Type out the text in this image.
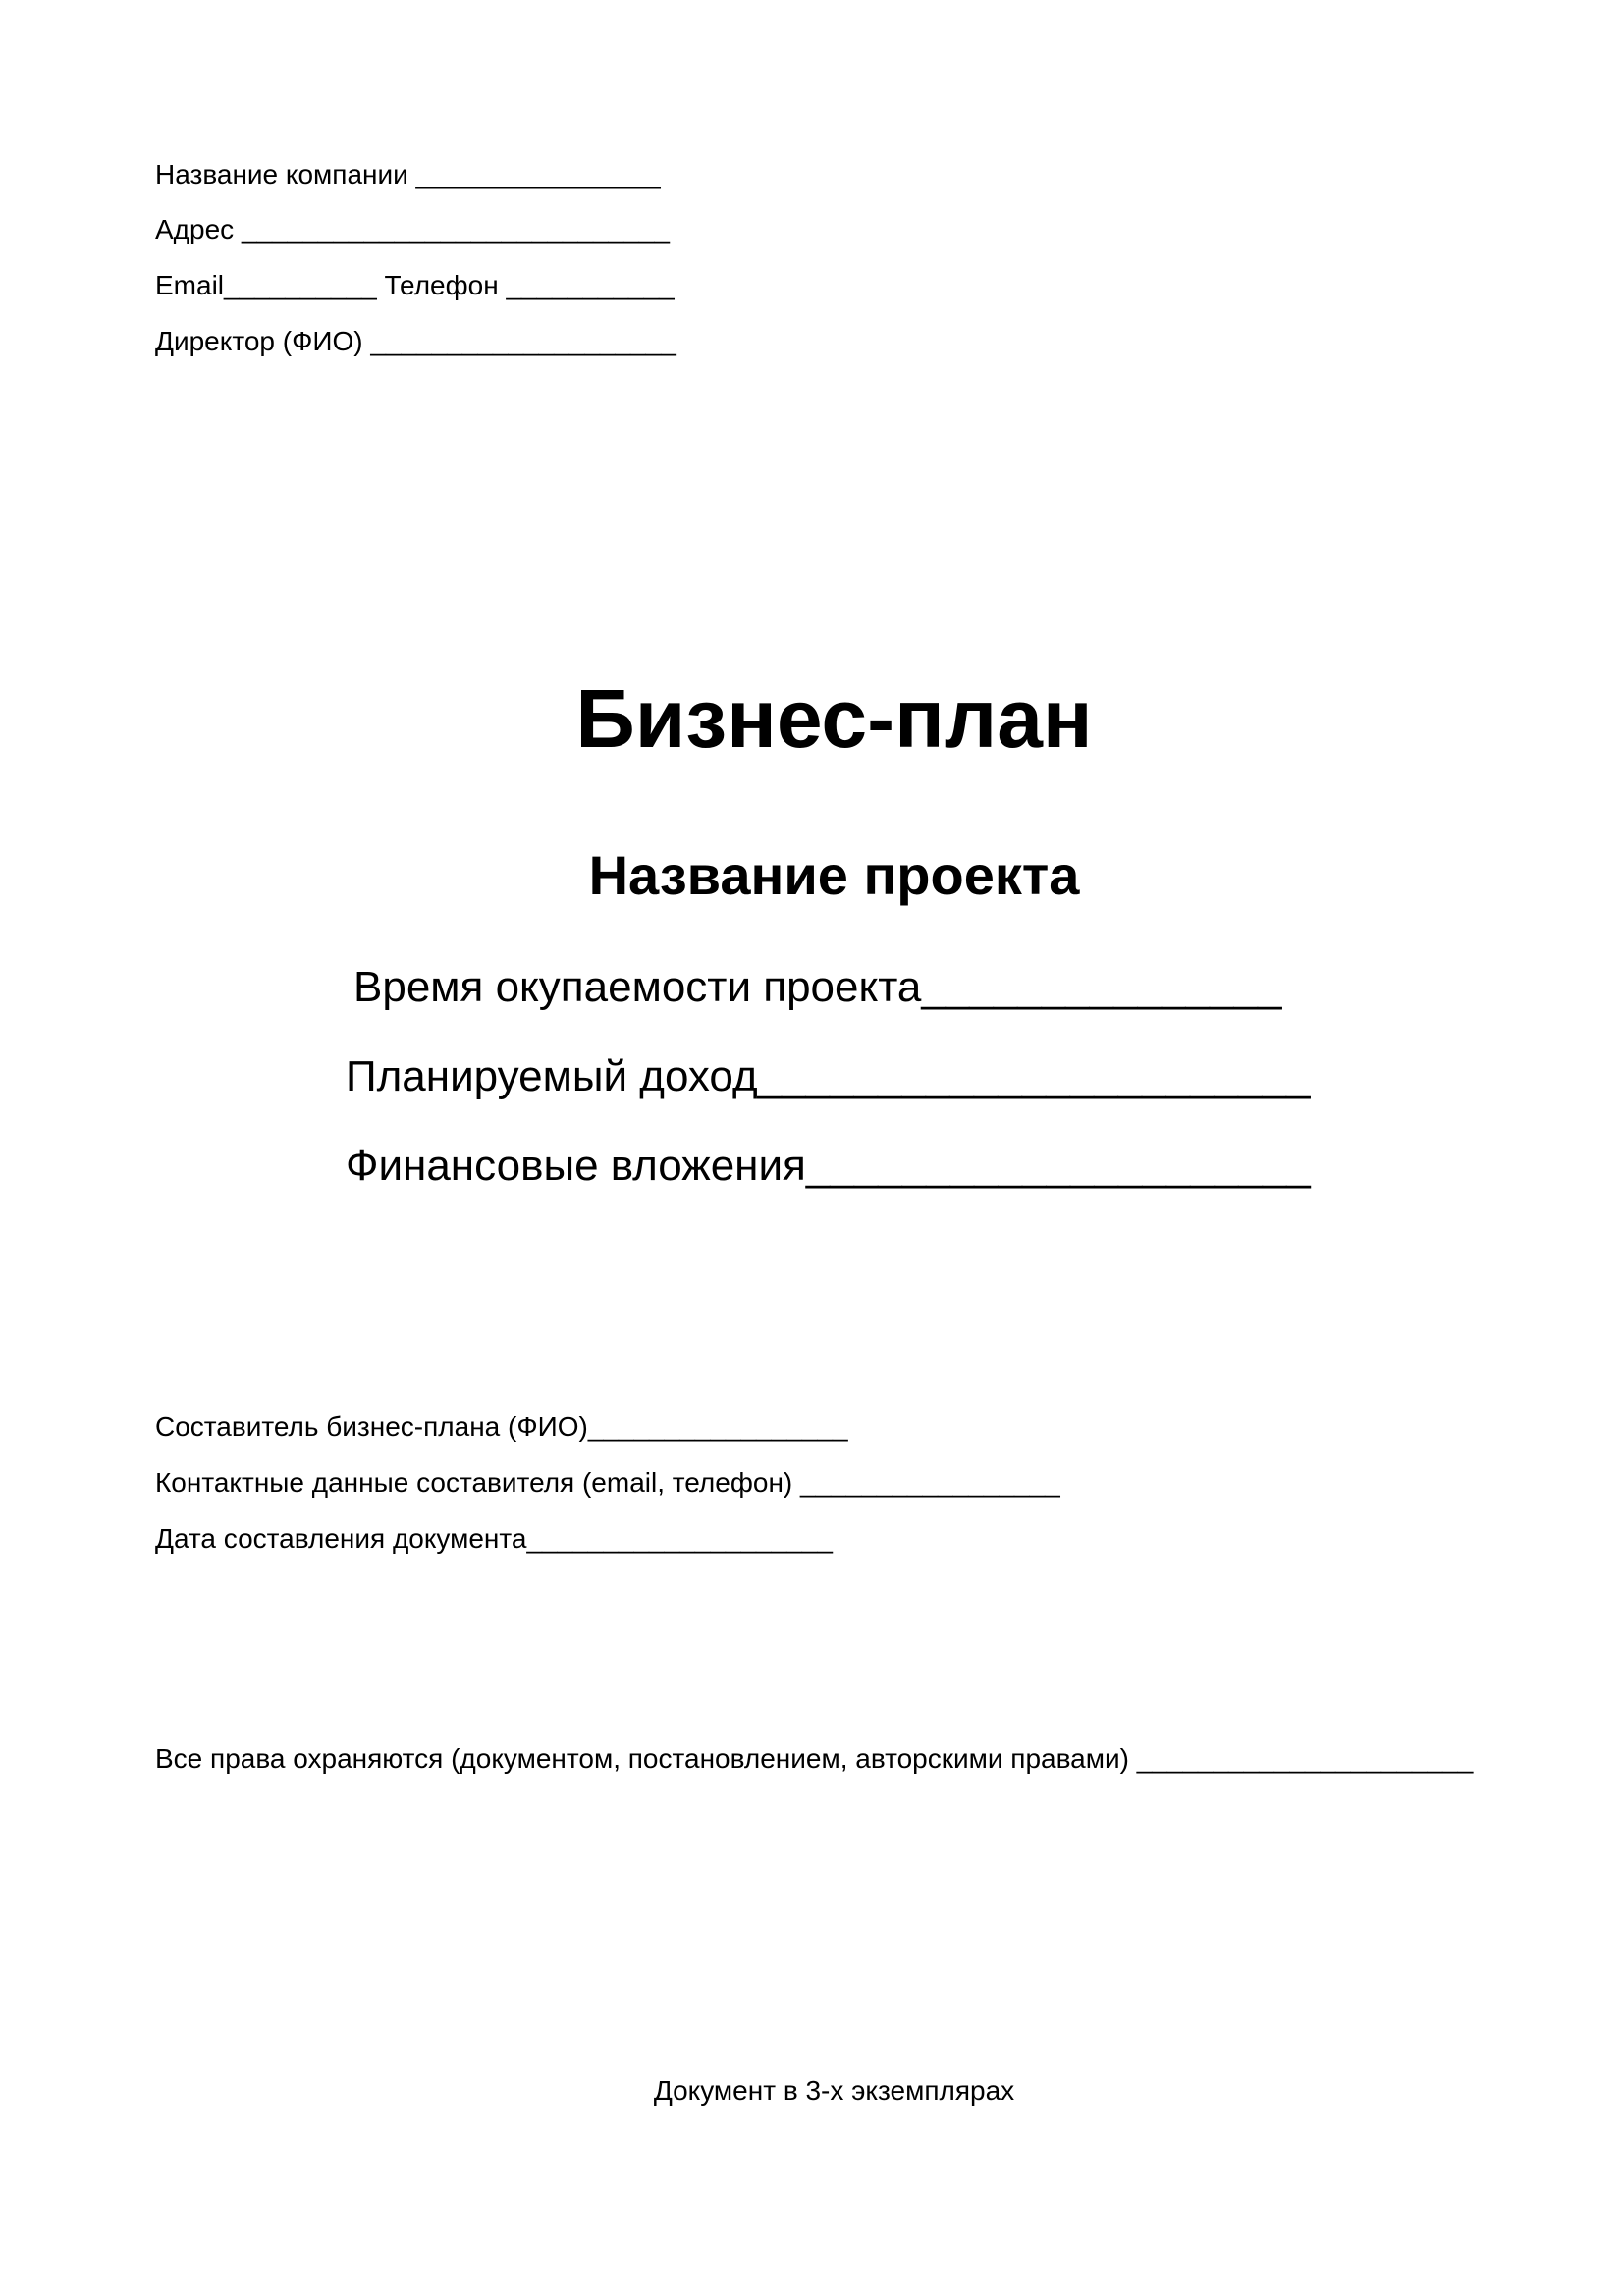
Название компании ________________

Адрес ____________________________

Email__________ Телефон ___________

Директор (ФИО) ____________________

Бизнес-план
Название проекта

Время окупаемости проекта_______________

Планируемый доход_______________________

Финансовые вложения_____________________

Составитель бизнес-плана (ФИО)_________________

Контактные данные составителя (email, телефон) _________________

Дата составления документа____________________

Все права охраняются (документом, постановлением, авторскими правами) ______________________

Документ в 3-х экземплярах
